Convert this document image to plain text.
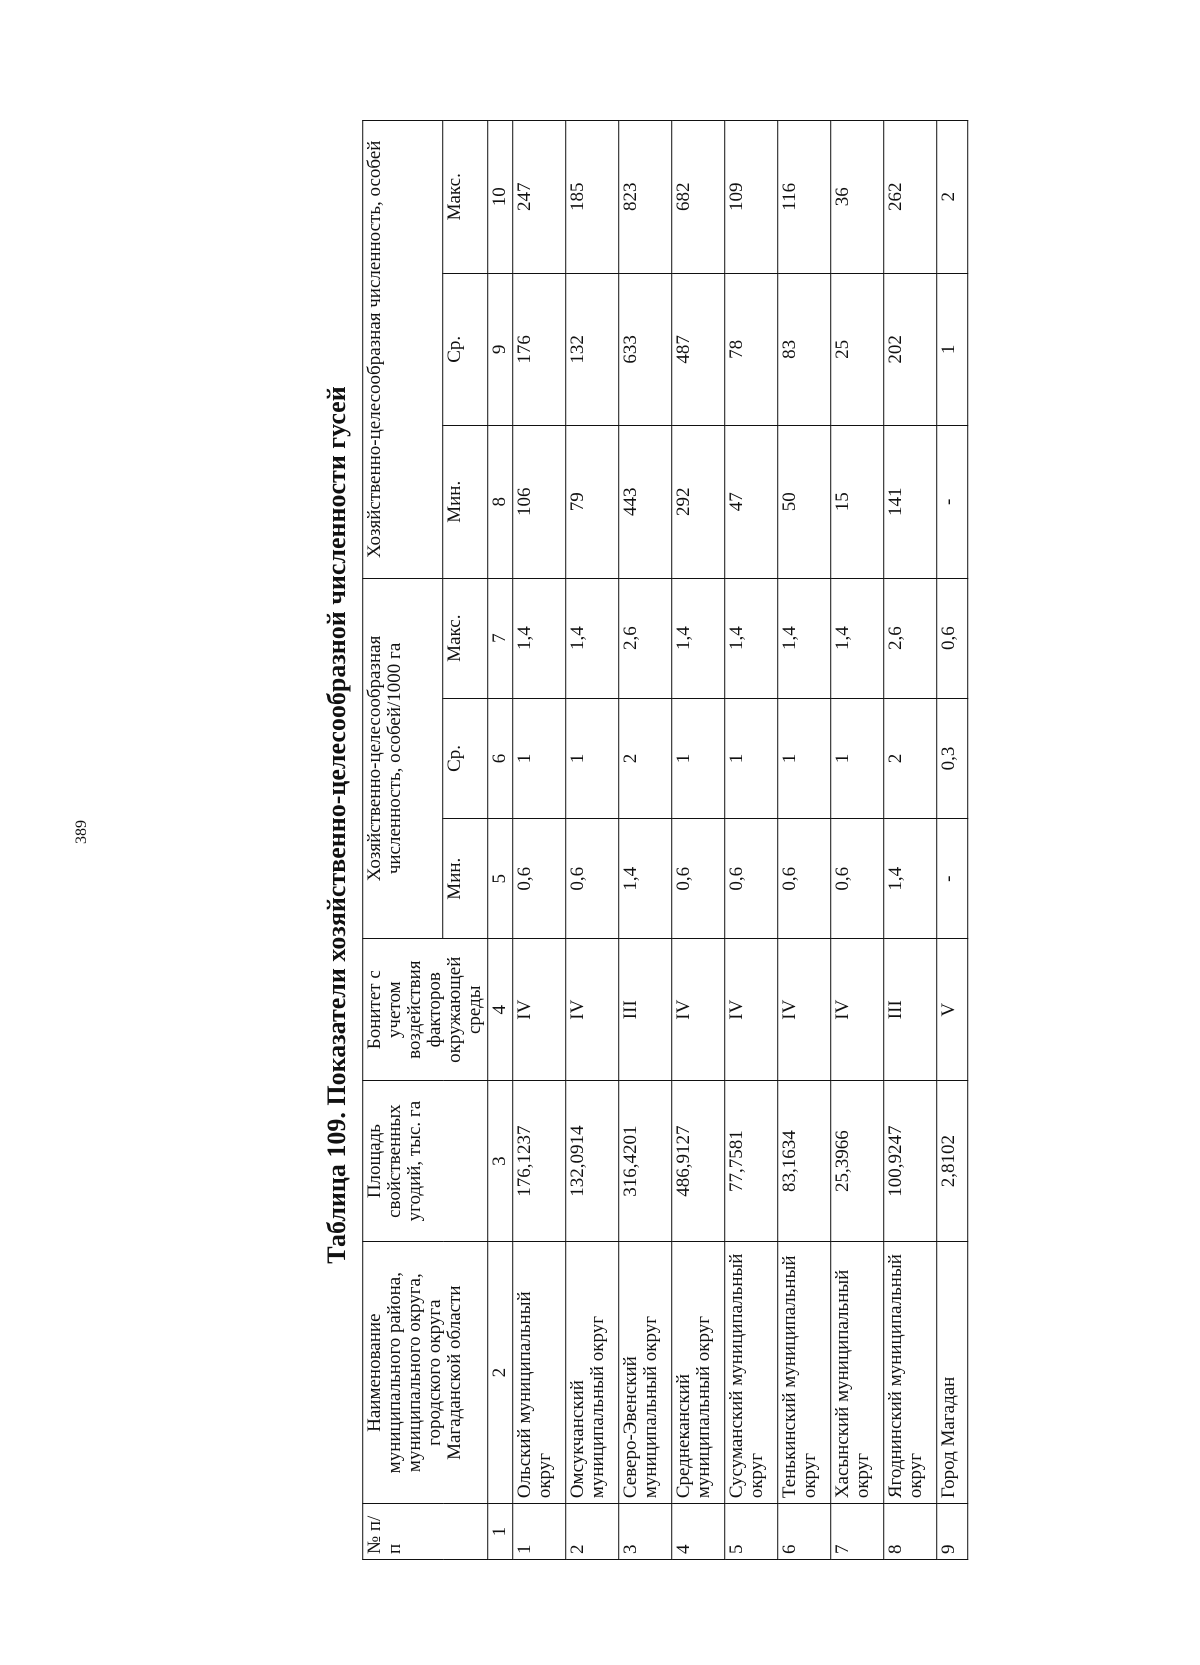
389	Таблица 109. Показатели хозяйственно-целесообразной численности гусей
№ п/п	Наименование муниципального района, муниципального округа, городского округа Магаданской области	Площадь свойственных угодий, тыс. га	Бонитет с учетом воздействия факторов окружающей среды	Хозяйственно-целесообразная численность, особей/1000 га			Хозяйственно-целесообразная численность, особей		
				Мин.	Ср.	Макс.	Мин.	Ср.	Макс.
1	2	3	4	5	6	7	8	9	10
1	Ольский муниципальный округ	176,1237	IV	0,6	1	1,4	106	176	247
2	Омсукчанский муниципальный округ	132,0914	IV	0,6	1	1,4	79	132	185
3	Северо-Эвенский муниципальный округ	316,4201	III	1,4	2	2,6	443	633	823
4	Среднеканский муниципальный округ	486,9127	IV	0,6	1	1,4	292	487	682
5	Сусуманский муниципальный округ	77,7581	IV	0,6	1	1,4	47	78	109
6	Тенькинский муниципальный округ	83,1634	IV	0,6	1	1,4	50	83	116
7	Хасынский муниципальный округ	25,3966	IV	0,6	1	1,4	15	25	36
8	Ягоднинский муниципальный округ	100,9247	III	1,4	2	2,6	141	202	262
9	Город Магадан	2,8102	V	-	0,3	0,6	-	1	2
